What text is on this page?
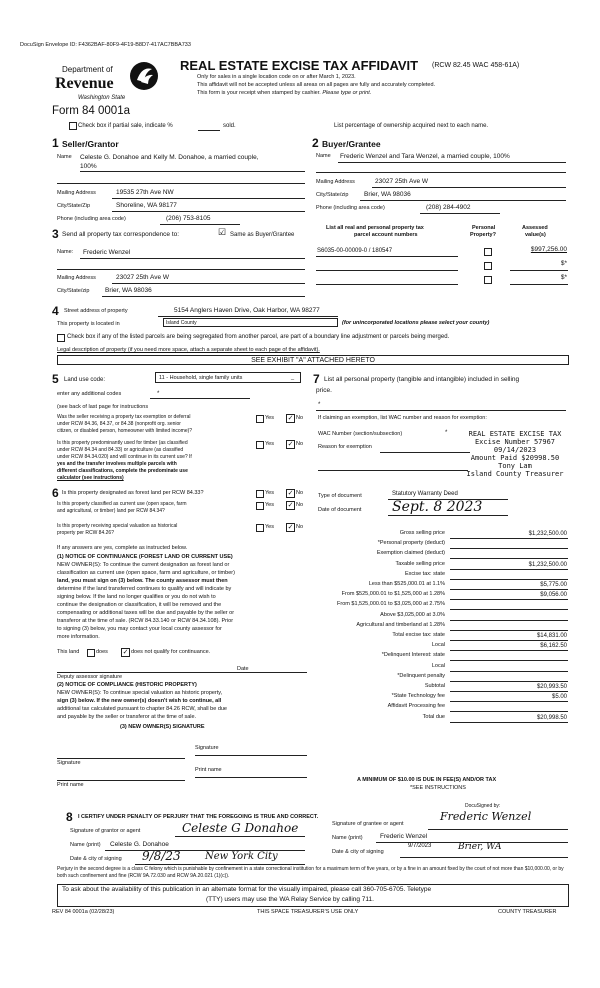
DocuSign Envelope ID: F4362BAF-80F9-4F19-B8D7-417AC7BBA733
Department of
Revenue
Washington State
Form 84 0001a
REAL ESTATE EXCISE TAX AFFIDAVIT (RCW 82.45 WAC 458-61A)
Only for sales in a single location code on or after March 1, 2023.
This affidavit will not be accepted unless all areas on all pages are fully and accurately completed.
This form is your receipt when stamped by cashier. Please type or print.
Check box if partial sale, indicate %	sold.	List percentage of ownership acquired next to each name.
1 Seller/Grantor
Name Celeste G. Donahoe and Kelly M. Donahoe, a married couple,
100%
Mailing Address	19535 27th Ave NW
City/State/Zip	Shoreline, WA 98177
Phone (including area code)	(206) 753-8105
2 Buyer/Grantee
Name Frederic Wenzel and Tara Wenzel, a married couple, 100%
Mailing Address	23027 25th Ave W
City/State/zip Brier, WA 98036
Phone (including area code)	(208) 284-4902
3 Send all property tax correspondence to:	☑ Same as Buyer/Grantee
Name: Frederic Wenzel
Mailing Address	23027 25th Ave W
City/State/zip Brier, WA 98036
List all real and personal property tax
parcel account numbers
Personal
Property?
Assessed
value(s)
S6035-00-00009-0 / 180547	$997,256.00
$*
$*
4 Street address of property	5154 Anglers Haven Drive, Oak Harbor, WA 98277
This property is located in	Island County	(for unincorporated locations please select your county)
Check box if any of the listed parcels are being segregated from another parcel, are part of a boundary line adjustment or parcels being merged.
Legal description of property (if you need more space, attach a separate sheet to each page of the affidavit).
SEE EXHIBIT "A" ATTACHED HERETO
5 Land use code:	11 - Household, single family units	_
enter any additional codes	*
(see back of last page for instructions
Was the seller receiving a property tax exemption or deferral
under RCW 84.36, 84.37, or 84.38 (nonprofit org. senior
citizen, or disabled person, homeowner with limited income)?
Yes ✓ No
Is this property predominantly used for timber (as classified
under RCW 84.34 and 84.33) or agriculture (as classified
under RCW 84.34.020) and will continue in its current use? If
yes and the transfer involves multiple parcels with
different classifications, complete the predominate use
calculator (see instructions)
Yes ✓ No
7 List all personal property (tangible and intangible) included in selling
price.
*
If claiming an exemption, list WAC number and reason for exemption:
WAC Number (section/subsection)	*
Reason for exemption
REAL ESTATE EXCISE TAX
Excise Number 57967
09/14/2023
Amount Paid $20998.50
Tony Lam
Island County Treasurer
Type of document	Statutory Warranty Deed
Date of document Sept. 8 2023
6 Is this property designated as forest land per RCW 84.33?	Yes ✓ No
Is this property classified as current use (open space, farm
and agricultural, or timber) land per RCW 84.34?
Yes ✓ No
Is this property receiving special valuation as historical
property per RCW 84.26?
Yes ✓ No
If any answers are yes, complete as instructed below.
(1) NOTICE OF CONTINUANCE (FOREST LAND OR CURRENT USE)
NEW OWNER(S): To continue the current designation as forest land or
classification as current use (open space, farm and agriculture, or timber)
land, you must sign on (3) below. The county assessor must then
determine if the land transferred continues to qualify and will indicate by
signing below. If the land no longer qualifies or you do not wish to
continue the designation or classification, it will be removed and the
compensating or additional taxes will be due and payable by the seller or
transferor at the time of sale. (RCW 84.33.140 or RCW 84.34.108). Prior
to signing (3) below, you may contact your local county assessor for
more information.
This land	does ✓ does not qualify for continuance.
Deputy assessor signature
Date
(2) NOTICE OF COMPLIANCE (HISTORIC PROPERTY)
NEW OWNER(S): To continue special valuation as historic property,
sign (3) below. If the new owner(s) doesn't wish to continue, all
additional tax calculated pursuant to chapter 84.26 RCW, shall be due
and payable by the seller or transferor at the time of sale.
(3) NEW OWNER(S) SIGNATURE
Signature
Signature
Print name
Print name
Gross selling price	$1,232,500.00
*Personal property (deduct)
Exemption claimed (deduct)
Taxable selling price	$1,232,500.00
Excise tax: state
Less than $525,000.01 at 1.1%	$5,775.00
From $525,000.01 to $1,525,000 at 1.28%	$9,056.00
From $1,525,000.01 to $3,025,000 at 2.75%
Above $3,025,000 at 3.0%
Agricultural and timberland at 1.28%
Total excise tax: state	$14,831.00
Local	$6,162.50
*Delinquent Interest: state
Local
*Delinquent penalty
Subtotal	$20,993.50
*State Technology fee	$5.00
Affidavit Processing fee
Total due	$20,998.50
A MINIMUM OF $10.00 IS DUE IN FEE(S) AND/OR TAX
*SEE INSTRUCTIONS
8 I CERTIFY UNDER PENALTY OF PERJURY THAT THE FOREGOING IS TRUE AND CORRECT.
Signature of grantor or agent	Celeste G Donahoe
Name (print) Celeste G. Donahoe
Date & city of signing 9/8/23 New York City
DocuSigned by:
Frederic Wenzel
Signature of grantee or agent
Name (print)	Frederic Wenzel
Date & city of signing
9/7/2023	Brier, WA
Perjury in the second degree is a class C felony which is punishable by confinement in a state correctional institution for a maximum term of five years, or by a fine in an amount fixed by the court of not more than $10,000.00, or by both such confinement and fine (RCW 9A.72.030 and RCW 9A.20.021 (1)(c)).
To ask about the availability of this publication in an alternate format for the visually impaired, please call 360-705-6705. Teletype
(TTY) users may use the WA Relay Service by calling 711.
REV 84 0001a (02/28/23)	THIS SPACE TREASURER'S USE ONLY	COUNTY TREASURER
